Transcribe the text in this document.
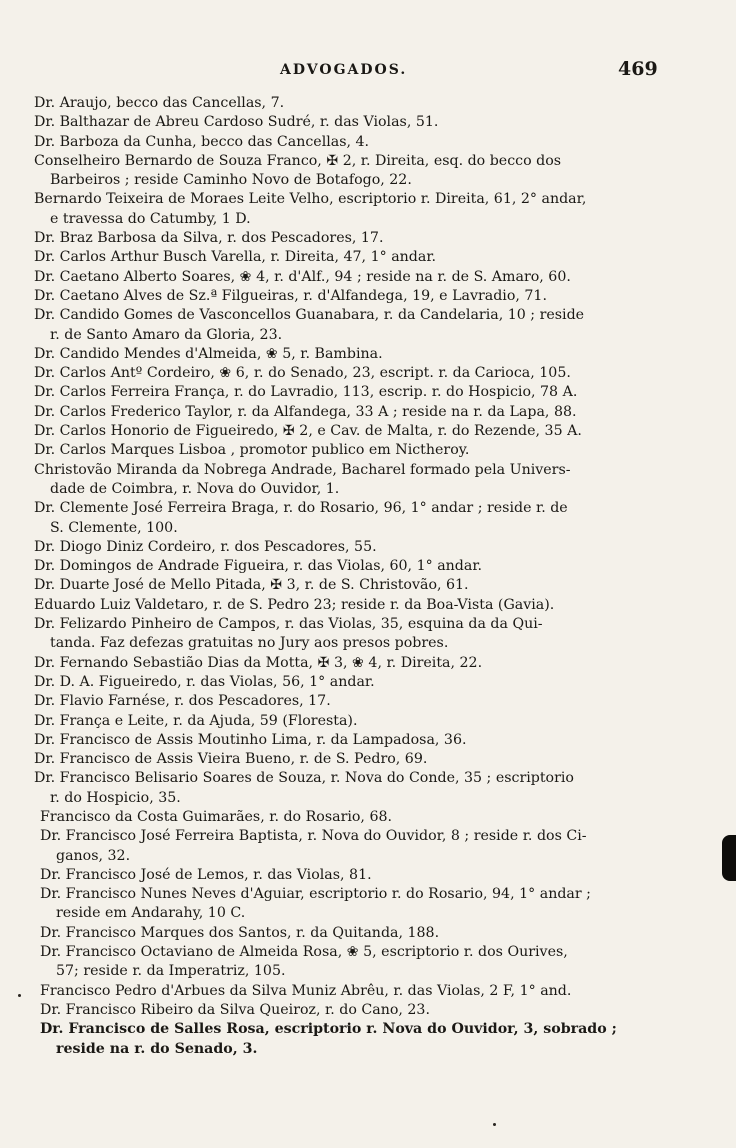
ADVOGADOS.	469
Dr. Araujo, becco das Cancellas, 7.
Dr. Balthazar de Abreu Cardoso Sudré, r. das Violas, 51.
Dr. Barboza da Cunha, becco das Cancellas, 4.
Conselheiro Bernardo de Souza Franco, ✠ 2, r. Direita, esq. do becco dos
Barbeiros ; reside Caminho Novo de Botafogo, 22.
Bernardo Teixeira de Moraes Leite Velho, escriptorio r. Direita, 61, 2° andar,
e travessa do Catumby, 1 D.
Dr. Braz Barbosa da Silva, r. dos Pescadores, 17.
Dr. Carlos Arthur Busch Varella, r. Direita, 47, 1° andar.
Dr. Caetano Alberto Soares, ❀ 4, r. d'Alf., 94 ; reside na r. de S. Amaro, 60.
Dr. Caetano Alves de Sz.ª Filgueiras, r. d'Alfandega, 19, e Lavradio, 71.
Dr. Candido Gomes de Vasconcellos Guanabara, r. da Candelaria, 10 ; reside
r. de Santo Amaro da Gloria, 23.
Dr. Candido Mendes d'Almeida, ❀ 5, r. Bambina.
Dr. Carlos Antº Cordeiro, ❀ 6, r. do Senado, 23, escript. r. da Carioca, 105.
Dr. Carlos Ferreira França, r. do Lavradio, 113, escrip. r. do Hospicio, 78 A.
Dr. Carlos Frederico Taylor, r. da Alfandega, 33 A ; reside na r. da Lapa, 88.
Dr. Carlos Honorio de Figueiredo, ✠ 2, e Cav. de Malta, r. do Rezende, 35 A.
Dr. Carlos Marques Lisboa , promotor publico em Nictheroy.
Christovão Miranda da Nobrega Andrade, Bacharel formado pela Univers-
dade de Coimbra, r. Nova do Ouvidor, 1.
Dr. Clemente José Ferreira Braga, r. do Rosario, 96, 1° andar ; reside r. de
S. Clemente, 100.
Dr. Diogo Diniz Cordeiro, r. dos Pescadores, 55.
Dr. Domingos de Andrade Figueira, r. das Violas, 60, 1° andar.
Dr. Duarte José de Mello Pitada, ✠ 3, r. de S. Christovão, 61.
Eduardo Luiz Valdetaro, r. de S. Pedro 23; reside r. da Boa-Vista (Gavia).
Dr. Felizardo Pinheiro de Campos, r. das Violas, 35, esquina da da Qui-
tanda. Faz defezas gratuitas no Jury aos presos pobres.
Dr. Fernando Sebastião Dias da Motta, ✠ 3, ❀ 4, r. Direita, 22.
Dr. D. A. Figueiredo, r. das Violas, 56, 1° andar.
Dr. Flavio Farnése, r. dos Pescadores, 17.
Dr. França e Leite, r. da Ajuda, 59 (Floresta).
Dr. Francisco de Assis Moutinho Lima, r. da Lampadosa, 36.
Dr. Francisco de Assis Vieira Bueno, r. de S. Pedro, 69.
Dr. Francisco Belisario Soares de Souza, r. Nova do Conde, 35 ; escriptorio
r. do Hospicio, 35.
Francisco da Costa Guimarães, r. do Rosario, 68.
Dr. Francisco José Ferreira Baptista, r. Nova do Ouvidor, 8 ; reside r. dos Ci-
ganos, 32.
Dr. Francisco José de Lemos, r. das Violas, 81.
Dr. Francisco Nunes Neves d'Aguiar, escriptorio r. do Rosario, 94, 1° andar ;
reside em Andarahy, 10 C.
Dr. Francisco Marques dos Santos, r. da Quitanda, 188.
Dr. Francisco Octaviano de Almeida Rosa, ❀ 5, escriptorio r. dos Ourives,
57; reside r. da Imperatriz, 105.
Francisco Pedro d'Arbues da Silva Muniz Abrêu, r. das Violas, 2 F, 1° and.
Dr. Francisco Ribeiro da Silva Queiroz, r. do Cano, 23.
Dr. Francisco de Salles Rosa, escriptorio r. Nova do Ouvidor, 3, sobrado ;
reside na r. do Senado, 3.
